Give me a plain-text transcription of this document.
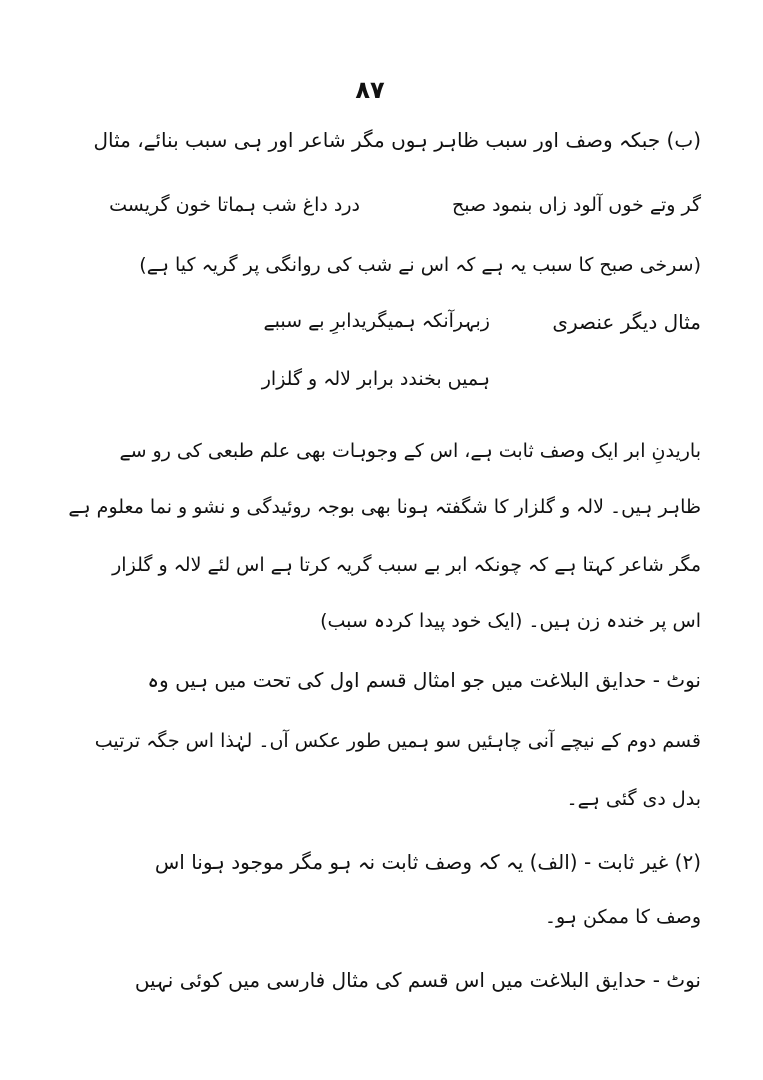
٨٧
(ب) جبکہ وصف اور سبب ظاہر ہوں مگر شاعر اور ہی سبب بنائے، مثال
گر وتے خوں آلود زاں بنمود صبح
درد داغ شب ہماتا خون گریست
(سرخی صبح کا سبب یہ ہے کہ اس نے شب کی روانگی پر گریہ کیا ہے)
مثال دیگر عنصری
زبہرآنکہ ہمیگریدابرِ بے سببے
ہمیں بخندد برابر لالہ و گلزار
باریدنِ ابر ایک وصف ثابت ہے، اس کے وجوہات بھی علم طبعی کی رو سے
ظاہر ہیں۔ لالہ و گلزار کا شگفتہ ہونا بھی بوجہ روئیدگی و نشو و نما معلوم ہے
مگر شاعر کہتا ہے کہ چونکہ ابر بے سبب گریہ کرتا ہے اس لئے لالہ و گلزار
اس پر خندہ زن ہیں۔ (ایک خود پیدا کردہ سبب)
نوٹ - حدایق البلاغت میں جو امثال قسم اول کی تحت میں ہیں وہ
قسم دوم کے نیچے آنی چاہئیں سو ہمیں طور عکس آں۔ لہٰذا اس جگہ ترتیب
بدل دی گئی ہے۔
(۲) غیر ثابت - (الف) یہ کہ وصف ثابت نہ ہو مگر موجود ہونا اس
وصف کا ممکن ہو۔
نوٹ - حدایق البلاغت میں اس قسم کی مثال فارسی میں کوئی نہیں
